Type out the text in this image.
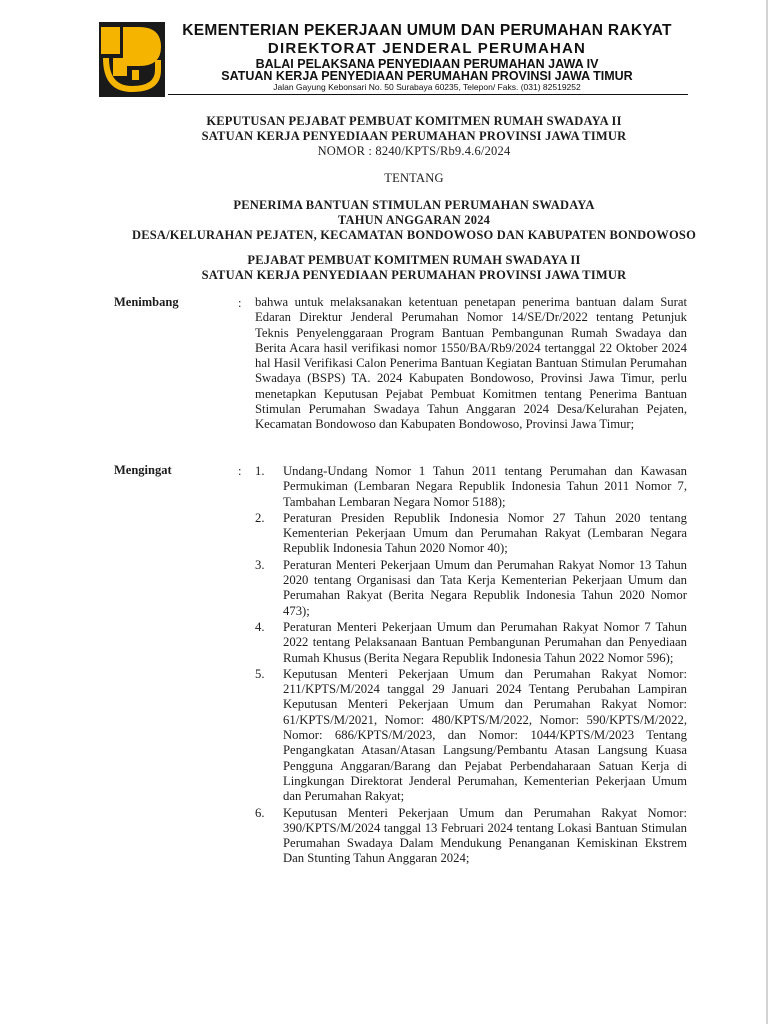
KEMENTERIAN PEKERJAAN UMUM DAN PERUMAHAN RAKYAT
DIREKTORAT JENDERAL PERUMAHAN
BALAI PELAKSANA PENYEDIAAN PERUMAHAN JAWA IV
SATUAN KERJA PENYEDIAAN PERUMAHAN PROVINSI JAWA TIMUR
Jalan Gayung Kebonsari No. 50 Surabaya 60235, Telepon/ Faks. (031) 82519252
KEPUTUSAN PEJABAT PEMBUAT KOMITMEN RUMAH SWADAYA II
SATUAN KERJA PENYEDIAAN PERUMAHAN PROVINSI JAWA TIMUR
NOMOR : 8240/KPTS/Rb9.4.6/2024
TENTANG
PENERIMA BANTUAN STIMULAN PERUMAHAN SWADAYA
TAHUN ANGGARAN 2024
DESA/KELURAHAN PEJATEN, KECAMATAN BONDOWOSO DAN KABUPATEN BONDOWOSO
PEJABAT PEMBUAT KOMITMEN RUMAH SWADAYA II
SATUAN KERJA PENYEDIAAN PERUMAHAN PROVINSI JAWA TIMUR
Menimbang	: bahwa untuk melaksanakan ketentuan penetapan penerima bantuan dalam Surat Edaran Direktur Jenderal Perumahan Nomor 14/SE/Dr/2022 tentang Petunjuk Teknis Penyelenggaraan Program Bantuan Pembangunan Rumah Swadaya dan Berita Acara hasil verifikasi nomor 1550/BA/Rb9/2024 tertanggal 22 Oktober 2024 hal Hasil Verifikasi Calon Penerima Bantuan Kegiatan Bantuan Stimulan Perumahan Swadaya (BSPS) TA. 2024 Kabupaten Bondowoso, Provinsi Jawa Timur, perlu menetapkan Keputusan Pejabat Pembuat Komitmen tentang Penerima Bantuan Stimulan Perumahan Swadaya Tahun Anggaran 2024 Desa/Kelurahan Pejaten, Kecamatan Bondowoso dan Kabupaten Bondowoso, Provinsi Jawa Timur;
Mengingat	: 1. Undang-Undang Nomor 1 Tahun 2011 tentang Perumahan dan Kawasan Permukiman (Lembaran Negara Republik Indonesia Tahun 2011 Nomor 7, Tambahan Lembaran Negara Nomor 5188);
2. Peraturan Presiden Republik Indonesia Nomor 27 Tahun 2020 tentang Kementerian Pekerjaan Umum dan Perumahan Rakyat (Lembaran Negara Republik Indonesia Tahun 2020 Nomor 40);
3. Peraturan Menteri Pekerjaan Umum dan Perumahan Rakyat Nomor 13 Tahun 2020 tentang Organisasi dan Tata Kerja Kementerian Pekerjaan Umum dan Perumahan Rakyat (Berita Negara Republik Indonesia Tahun 2020 Nomor 473);
4. Peraturan Menteri Pekerjaan Umum dan Perumahan Rakyat Nomor 7 Tahun 2022 tentang Pelaksanaan Bantuan Pembangunan Perumahan dan Penyediaan Rumah Khusus (Berita Negara Republik Indonesia Tahun 2022 Nomor 596);
5. Keputusan Menteri Pekerjaan Umum dan Perumahan Rakyat Nomor: 211/KPTS/M/2024 tanggal 29 Januari 2024 Tentang Perubahan Lampiran Keputusan Menteri Pekerjaan Umum dan Perumahan Rakyat Nomor: 61/KPTS/M/2021, Nomor: 480/KPTS/M/2022, Nomor: 590/KPTS/M/2022, Nomor: 686/KPTS/M/2023, dan Nomor: 1044/KPTS/M/2023 Tentang Pengangkatan Atasan/Atasan Langsung/Pembantu Atasan Langsung Kuasa Pengguna Anggaran/Barang dan Pejabat Perbendaharaan Satuan Kerja di Lingkungan Direktorat Jenderal Perumahan, Kementerian Pekerjaan Umum dan Perumahan Rakyat;
6. Keputusan Menteri Pekerjaan Umum dan Perumahan Rakyat Nomor: 390/KPTS/M/2024 tanggal 13 Februari 2024 tentang Lokasi Bantuan Stimulan Perumahan Swadaya Dalam Mendukung Penanganan Kemiskinan Ekstrem Dan Stunting Tahun Anggaran 2024;
